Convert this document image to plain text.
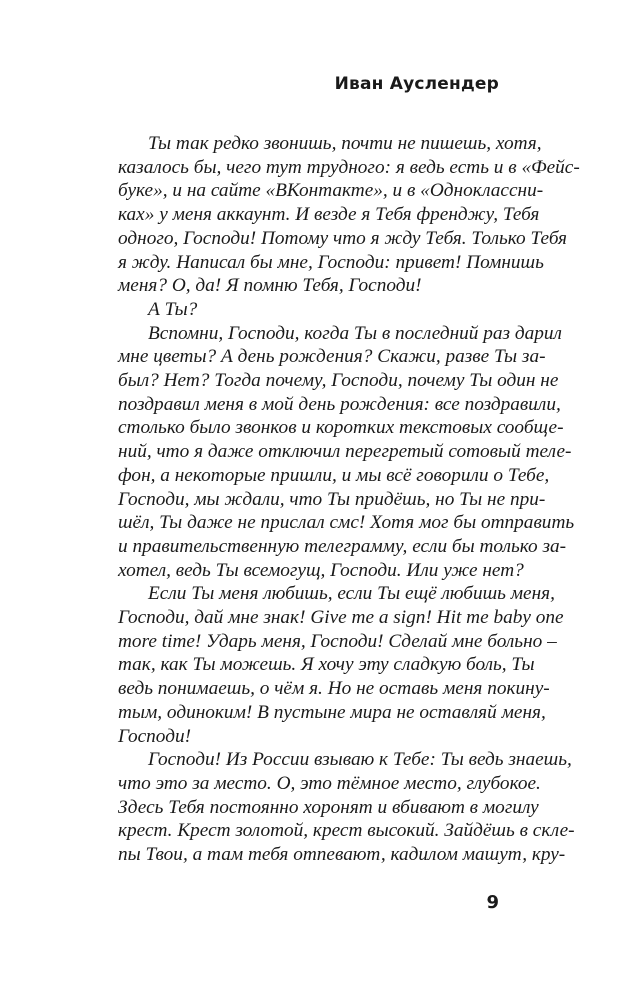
Иван Ауслендер
Ты так редко звонишь, почти не пишешь, хотя,
казалось бы, чего тут трудного: я ведь есть и в «Фейс-
буке», и на сайте «ВКонтакте», и в «Одноклассни-
ках» у меня аккаунт. И везде я Тебя френджу, Тебя
одного, Господи! Потому что я жду Тебя. Только Тебя
я жду. Написал бы мне, Господи: привет! Помнишь
меня? О, да! Я помню Тебя, Господи!
А Ты?
Вспомни, Господи, когда Ты в последний раз дарил
мне цветы? А день рождения? Скажи, разве Ты за-
был? Нет? Тогда почему, Господи, почему Ты один не
поздравил меня в мой день рождения: все поздравили,
столько было звонков и коротких текстовых сообще-
ний, что я даже отключил перегретый сотовый теле-
фон, а некоторые пришли, и мы всё говорили о Тебе,
Господи, мы ждали, что Ты придёшь, но Ты не при-
шёл, Ты даже не прислал смс! Хотя мог бы отправить
и правительственную телеграмму, если бы только за-
хотел, ведь Ты всемогущ, Господи. Или уже нет?
Если Ты меня любишь, если Ты ещё любишь меня,
Господи, дай мне знак! Give me a sign! Hit me baby one
more time! Ударь меня, Господи! Сделай мне больно –
так, как Ты можешь. Я хочу эту сладкую боль, Ты
ведь понимаешь, о чём я. Но не оставь меня покину-
тым, одиноким! В пустыне мира не оставляй меня,
Господи!
Господи! Из России взываю к Тебе: Ты ведь знаешь,
что это за место. О, это тёмное место, глубокое.
Здесь Тебя постоянно хоронят и вбивают в могилу
крест. Крест золотой, крест высокий. Зайдёшь в скле-
пы Твои, а там тебя отпевают, кадилом машут, кру-
9
